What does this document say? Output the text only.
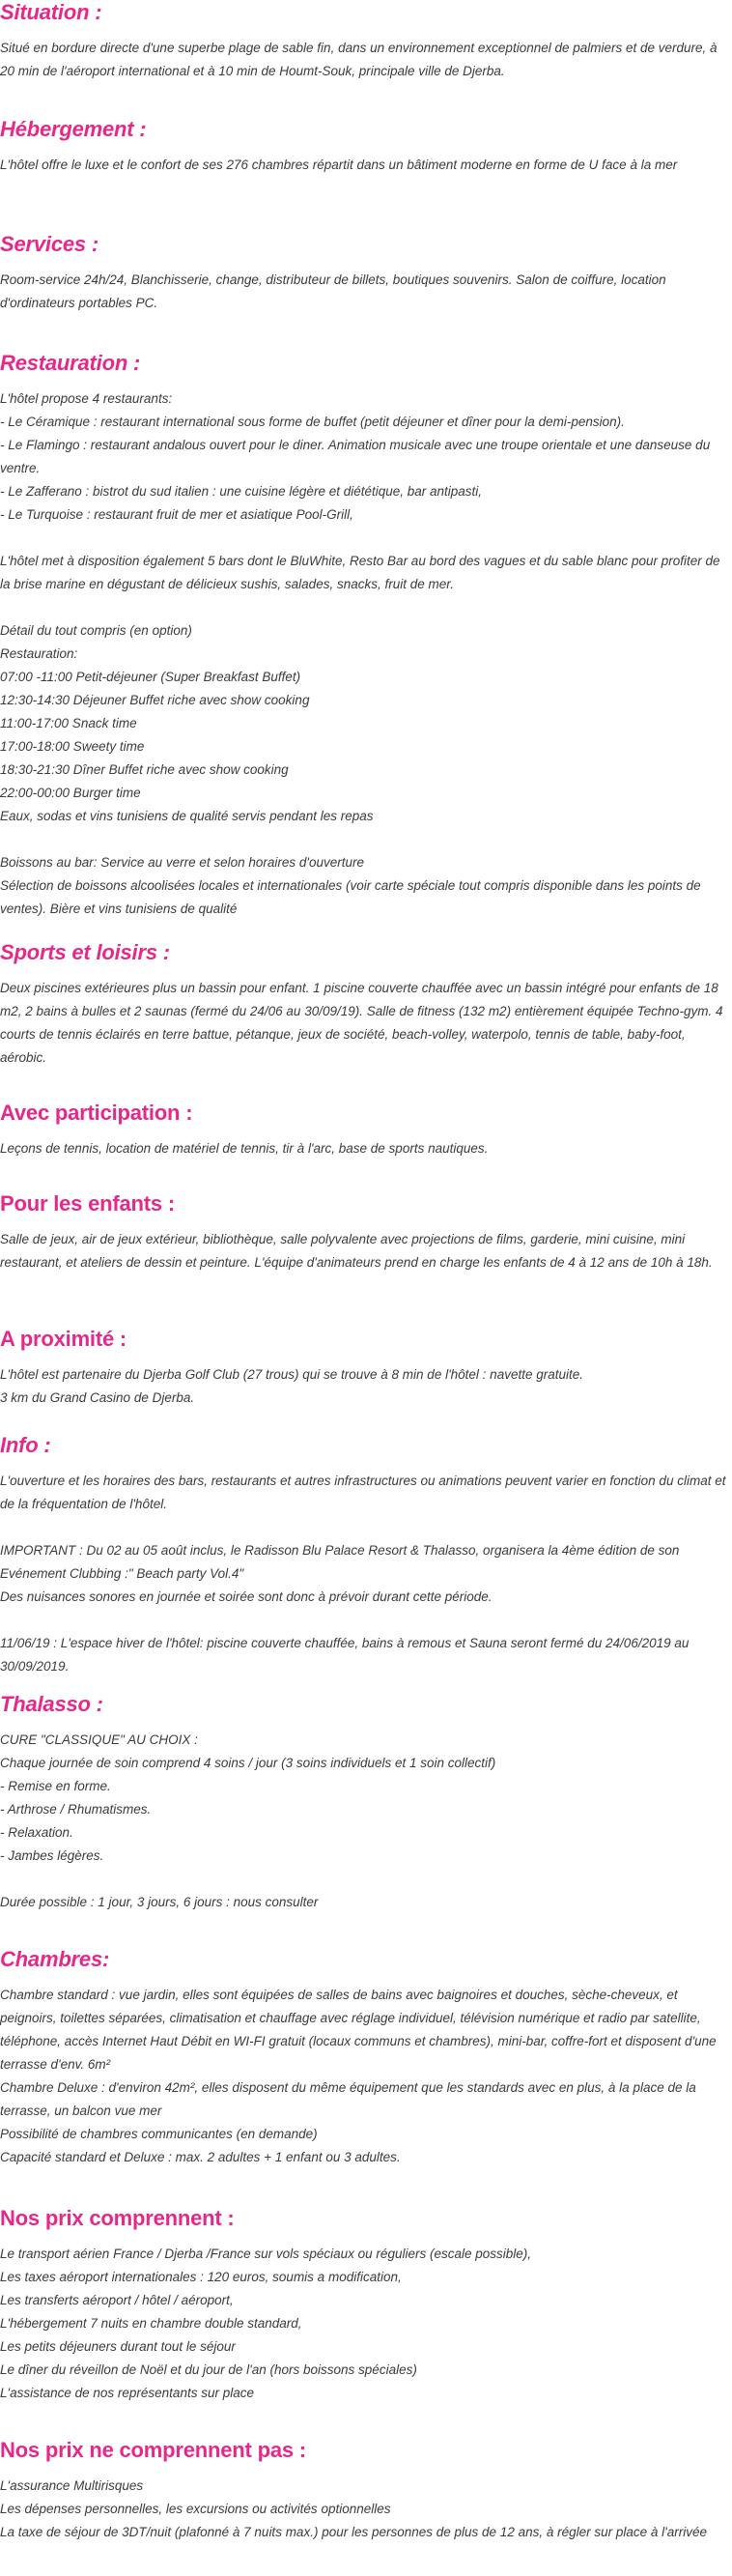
Situation :
Situé en bordure directe d'une superbe plage de sable fin, dans un environnement exceptionnel de palmiers et de verdure, à 20 min de l'aéroport international et à 10 min de Houmt-Souk, principale ville de Djerba.
Hébergement :
L'hôtel offre le luxe et le confort de ses 276 chambres répartit dans un bâtiment moderne en forme de U face à la mer
Services :
Room-service 24h/24, Blanchisserie, change, distributeur de billets, boutiques souvenirs. Salon de coiffure, location d'ordinateurs portables PC.
Restauration :
L'hôtel propose 4 restaurants:
- Le Céramique : restaurant international sous forme de buffet (petit déjeuner et dîner pour la demi-pension).
- Le Flamingo : restaurant andalous ouvert pour le diner. Animation musicale avec une troupe orientale et une danseuse du ventre.
- Le Zafferano : bistrot du sud italien : une cuisine légère et diététique, bar antipasti,
- Le Turquoise : restaurant fruit de mer et asiatique Pool-Grill,
L'hôtel met à disposition également 5 bars dont le BluWhite, Resto Bar au bord des vagues et du sable blanc pour profiter de la brise marine en dégustant de délicieux sushis, salades, snacks, fruit de mer.
Détail du tout compris (en option)
Restauration:
07:00 -11:00 Petit-déjeuner (Super Breakfast Buffet)
12:30-14:30 Déjeuner Buffet riche avec show cooking
11:00-17:00 Snack time
17:00-18:00 Sweety time
18:30-21:30 Dîner Buffet riche avec show cooking
22:00-00:00 Burger time
Eaux, sodas et vins tunisiens de qualité servis pendant les repas
Boissons au bar: Service au verre et selon horaires d'ouverture
Sélection de boissons alcoolisées locales et internationales (voir carte spéciale tout compris disponible dans les points de ventes). Bière et vins tunisiens de qualité
Sports et loisirs :
Deux piscines extérieures plus un bassin pour enfant. 1 piscine couverte chauffée avec un bassin intégré pour enfants de 18 m2, 2 bains à bulles et 2 saunas (fermé du 24/06 au 30/09/19). Salle de fitness (132 m2) entièrement équipée Techno-gym. 4 courts de tennis éclairés en terre battue, pétanque, jeux de société, beach-volley, waterpolo, tennis de table, baby-foot, aérobic.
Avec participation :
Leçons de tennis, location de matériel de tennis, tir à l'arc, base de sports nautiques.
Pour les enfants :
Salle de jeux, air de jeux extérieur, bibliothèque, salle polyvalente avec projections de films, garderie, mini cuisine, mini restaurant, et ateliers de dessin et peinture. L'équipe d'animateurs prend en charge les enfants de 4 à 12 ans de 10h à 18h.
A proximité :
L'hôtel est partenaire du Djerba Golf Club (27 trous) qui se trouve à 8 min de l'hôtel : navette gratuite.
3 km du Grand Casino de Djerba.
Info :
L'ouverture et les horaires des bars, restaurants et autres infrastructures ou animations peuvent varier en fonction du climat et de la fréquentation de l'hôtel.
IMPORTANT : Du 02 au 05 août inclus, le Radisson Blu Palace Resort & Thalasso, organisera la 4ème édition de son Evénement Clubbing :" Beach party Vol.4"
Des nuisances sonores en journée et soirée sont donc à prévoir durant cette période.
11/06/19 : L'espace hiver de l'hôtel: piscine couverte chauffée, bains à remous et Sauna seront fermé du 24/06/2019 au 30/09/2019.
Thalasso :
CURE "CLASSIQUE" AU CHOIX :
Chaque journée de soin comprend 4 soins / jour (3 soins individuels et 1 soin collectif)
- Remise en forme.
- Arthrose / Rhumatismes.
- Relaxation.
- Jambes légères.
Durée possible : 1 jour, 3 jours, 6 jours : nous consulter
Chambres:
Chambre standard : vue jardin, elles sont équipées de salles de bains avec baignoires et douches, sèche-cheveux, et peignoirs, toilettes séparées, climatisation et chauffage avec réglage individuel, télévision numérique et radio par satellite, téléphone, accès Internet Haut Débit en WI-FI gratuit (locaux communs et chambres), mini-bar, coffre-fort et disposent d'une terrasse d'env. 6m²
Chambre Deluxe : d'environ 42m², elles disposent du même équipement que les standards avec en plus, à la place de la terrasse, un balcon vue mer
Possibilité de chambres communicantes (en demande)
Capacité standard et Deluxe : max. 2 adultes + 1 enfant ou 3 adultes.
Nos prix comprennent :
Le transport aérien France / Djerba /France sur vols spéciaux ou réguliers (escale possible),
Les taxes aéroport internationales : 120 euros, soumis a modification,
Les transferts aéroport / hôtel / aéroport,
L'hébergement 7 nuits en chambre double standard,
Les petits déjeuners durant tout le séjour
Le dîner du réveillon de Noël et du jour de l'an (hors boissons spéciales)
L'assistance de nos représentants sur place
Nos prix ne comprennent pas :
L'assurance Multirisques
Les dépenses personnelles, les excursions ou activités optionnelles
La taxe de séjour de 3DT/nuit (plafonné à 7 nuits max.) pour les personnes de plus de 12 ans, à régler sur place à l'arrivée
